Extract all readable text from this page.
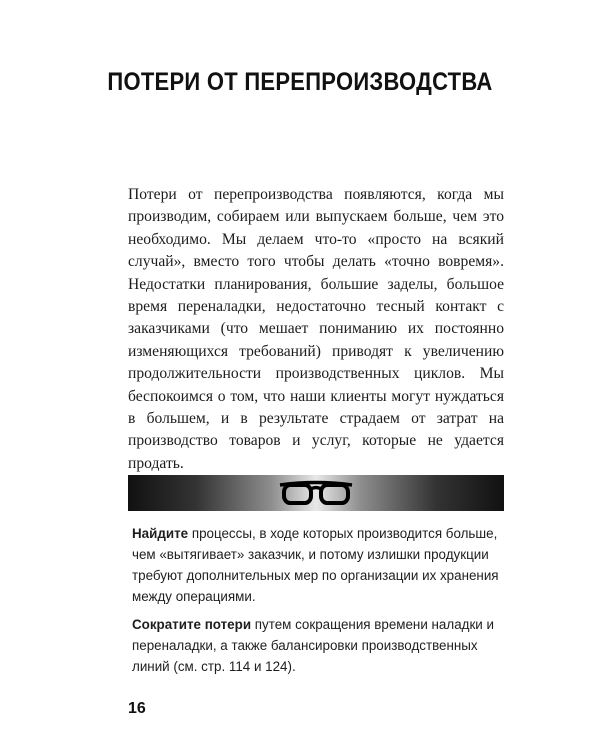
ПОТЕРИ ОТ ПЕРЕПРОИЗВОДСТВА

Потери от перепроизводства появляются, когда мы производим, собираем или выпускаем больше, чем это необходимо. Мы делаем что-то «просто на всякий случай», вместо того чтобы делать «точно вовремя». Недостатки планирования, большие заделы, большое время переналадки, недостаточно тесный контакт с заказчиками (что мешает пониманию их постоянно изменяющихся требований) приводят к увеличению продолжительности производственных циклов. Мы беспокоимся о том, что наши клиенты могут нуждаться в большем, и в результате страдаем от затрат на производство товаров и услуг, которые не удается продать.

Найдите процессы, в ходе которых производится больше, чем «вытягивает» заказчик, и потому излишки продукции требуют дополнительных мер по организации их хранения между операциями.

Сократите потери путем сокращения времени наладки и переналадки, а также балансировки производственных линий (см. стр. 114 и 124).

16
